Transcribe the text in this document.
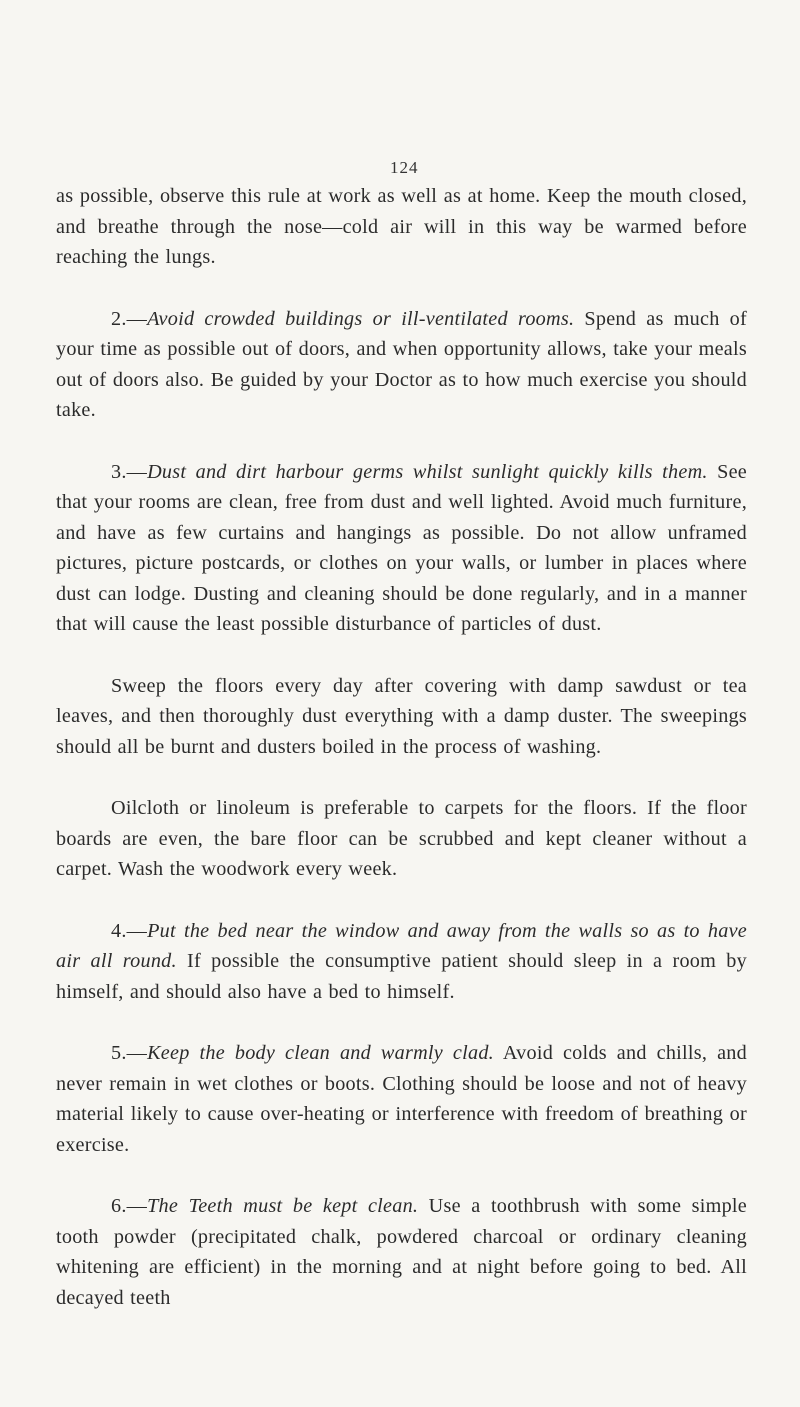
124

as possible, observe this rule at work as well as at home. Keep the mouth closed, and breathe through the nose—cold air will in this way be warmed before reaching the lungs.

2.—Avoid crowded buildings or ill-ventilated rooms. Spend as much of your time as possible out of doors, and when opportunity allows, take your meals out of doors also. Be guided by your Doctor as to how much exercise you should take.

3.—Dust and dirt harbour germs whilst sunlight quickly kills them. See that your rooms are clean, free from dust and well lighted. Avoid much furniture, and have as few curtains and hangings as possible. Do not allow unframed pictures, picture postcards, or clothes on your walls, or lumber in places where dust can lodge. Dusting and cleaning should be done regularly, and in a manner that will cause the least possible disturbance of particles of dust.

Sweep the floors every day after covering with damp sawdust or tea leaves, and then thoroughly dust everything with a damp duster. The sweepings should all be burnt and dusters boiled in the process of washing.

Oilcloth or linoleum is preferable to carpets for the floors. If the floor boards are even, the bare floor can be scrubbed and kept cleaner without a carpet. Wash the woodwork every week.

4.—Put the bed near the window and away from the walls so as to have air all round. If possible the consumptive patient should sleep in a room by himself, and should also have a bed to himself.

5.—Keep the body clean and warmly clad. Avoid colds and chills, and never remain in wet clothes or boots. Clothing should be loose and not of heavy material likely to cause over-heating or interference with freedom of breathing or exercise.

6.—The Teeth must be kept clean. Use a toothbrush with some simple tooth powder (precipitated chalk, powdered charcoal or ordinary cleaning whitening are efficient) in the morning and at night before going to bed. All decayed teeth
